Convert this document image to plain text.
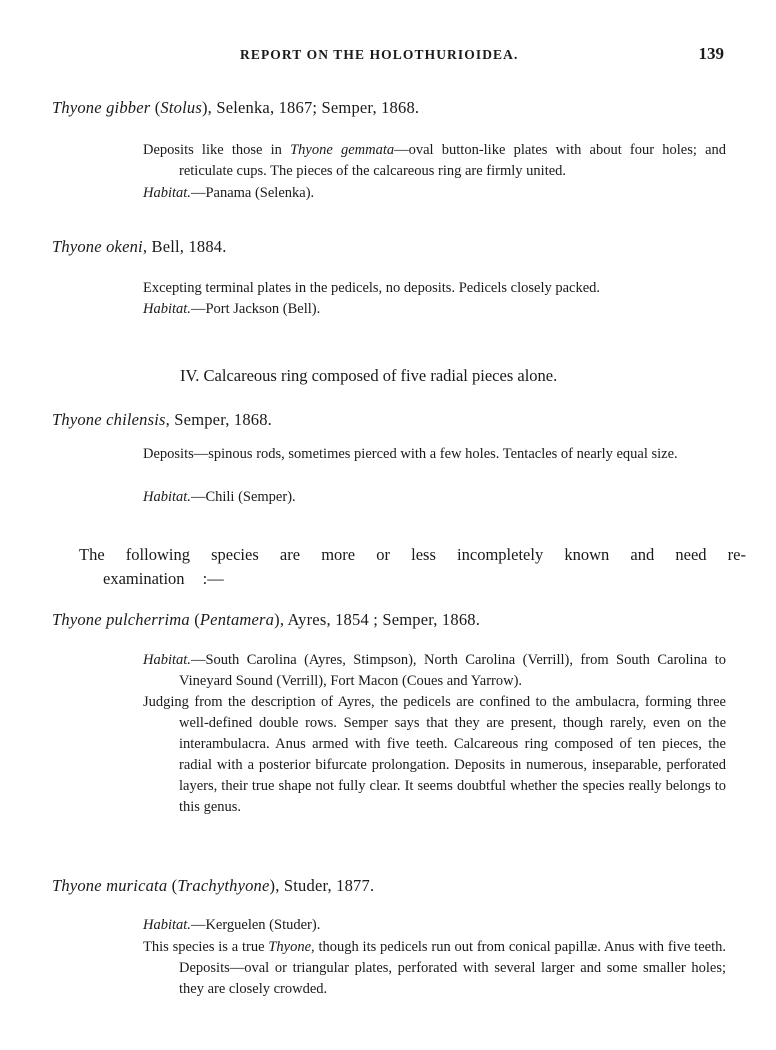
REPORT ON THE HOLOTHURIOIDEA.	139
Thyone gibber (Stolus), Selenka, 1867; Semper, 1868.
Deposits like those in Thyone gemmata—oval button-like plates with about four holes; and reticulate cups. The pieces of the calcareous ring are firmly united.
Habitat.—Panama (Selenka).
Thyone okeni, Bell, 1884.
Excepting terminal plates in the pedicels, no deposits. Pedicels closely packed.
Habitat.—Port Jackson (Bell).
IV. Calcareous ring composed of five radial pieces alone.
Thyone chilensis, Semper, 1868.
Deposits—spinous rods, sometimes pierced with a few holes. Tentacles of nearly equal size.
Habitat.—Chili (Semper).
The following species are more or less incompletely known and need re-examination :—
Thyone pulcherrima (Pentamera), Ayres, 1854 ; Semper, 1868.
Habitat.—South Carolina (Ayres, Stimpson), North Carolina (Verrill), from South Carolina to Vineyard Sound (Verrill), Fort Macon (Coues and Yarrow).
Judging from the description of Ayres, the pedicels are confined to the ambulacra, forming three well-defined double rows. Semper says that they are present, though rarely, even on the interambulacra. Anus armed with five teeth. Calcareous ring composed of ten pieces, the radial with a posterior bifurcate prolongation. Deposits in numerous, inseparable, perforated layers, their true shape not fully clear. It seems doubtful whether the species really belongs to this genus.
Thyone muricata (Trachythyone), Studer, 1877.
Habitat.—Kerguelen (Studer).
This species is a true Thyone, though its pedicels run out from conical papillæ. Anus with five teeth. Deposits—oval or triangular plates, perforated with several larger and some smaller holes; they are closely crowded.
